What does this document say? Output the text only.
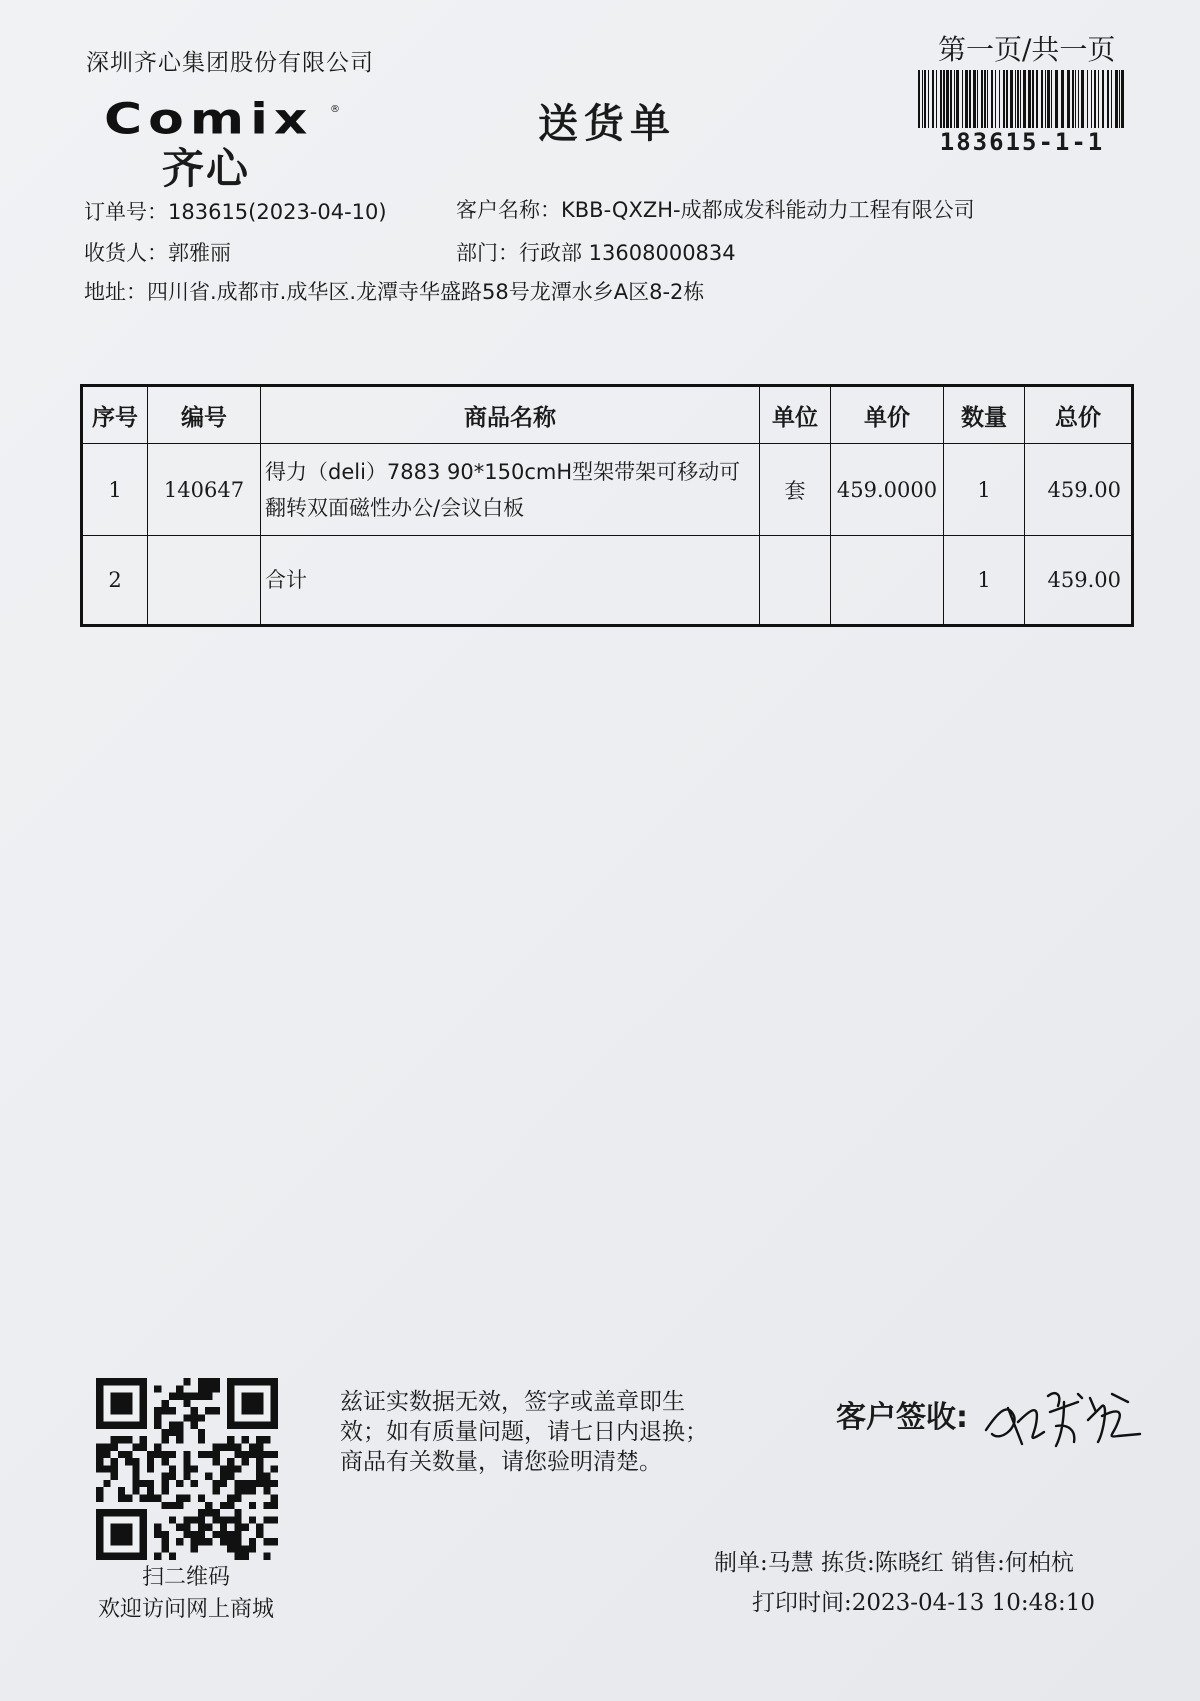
深圳齐心集团股份有限公司
Comix	®
齐心
送货单
第一页/共一页
183615-1-1
订单号：183615(2023-04-10)	客户名称：KBB-QXZH-成都成发科能动力工程有限公司
收货人：郭雅丽	部门：行政部 13608000834
地址：四川省.成都市.成华区.龙潭寺华盛路58号龙潭水乡A区8-2栋
序号	编号	商品名称	单位	单价	数量	总价
1	140647	得力（deli）7883 90*150cmH型架带架可移动可
翻转双面磁性办公/会议白板	套	459.0000	1	459.00
2		合计			1	459.00
扫二维码
欢迎访问网上商城
兹证实数据无效，签字或盖章即生
效；如有质量问题，请七日内退换；
商品有关数量，请您验明清楚。
客户签收:
制单:马慧 拣货:陈晓红 销售:何柏杭
打印时间:2023-04-13 10:48:10
